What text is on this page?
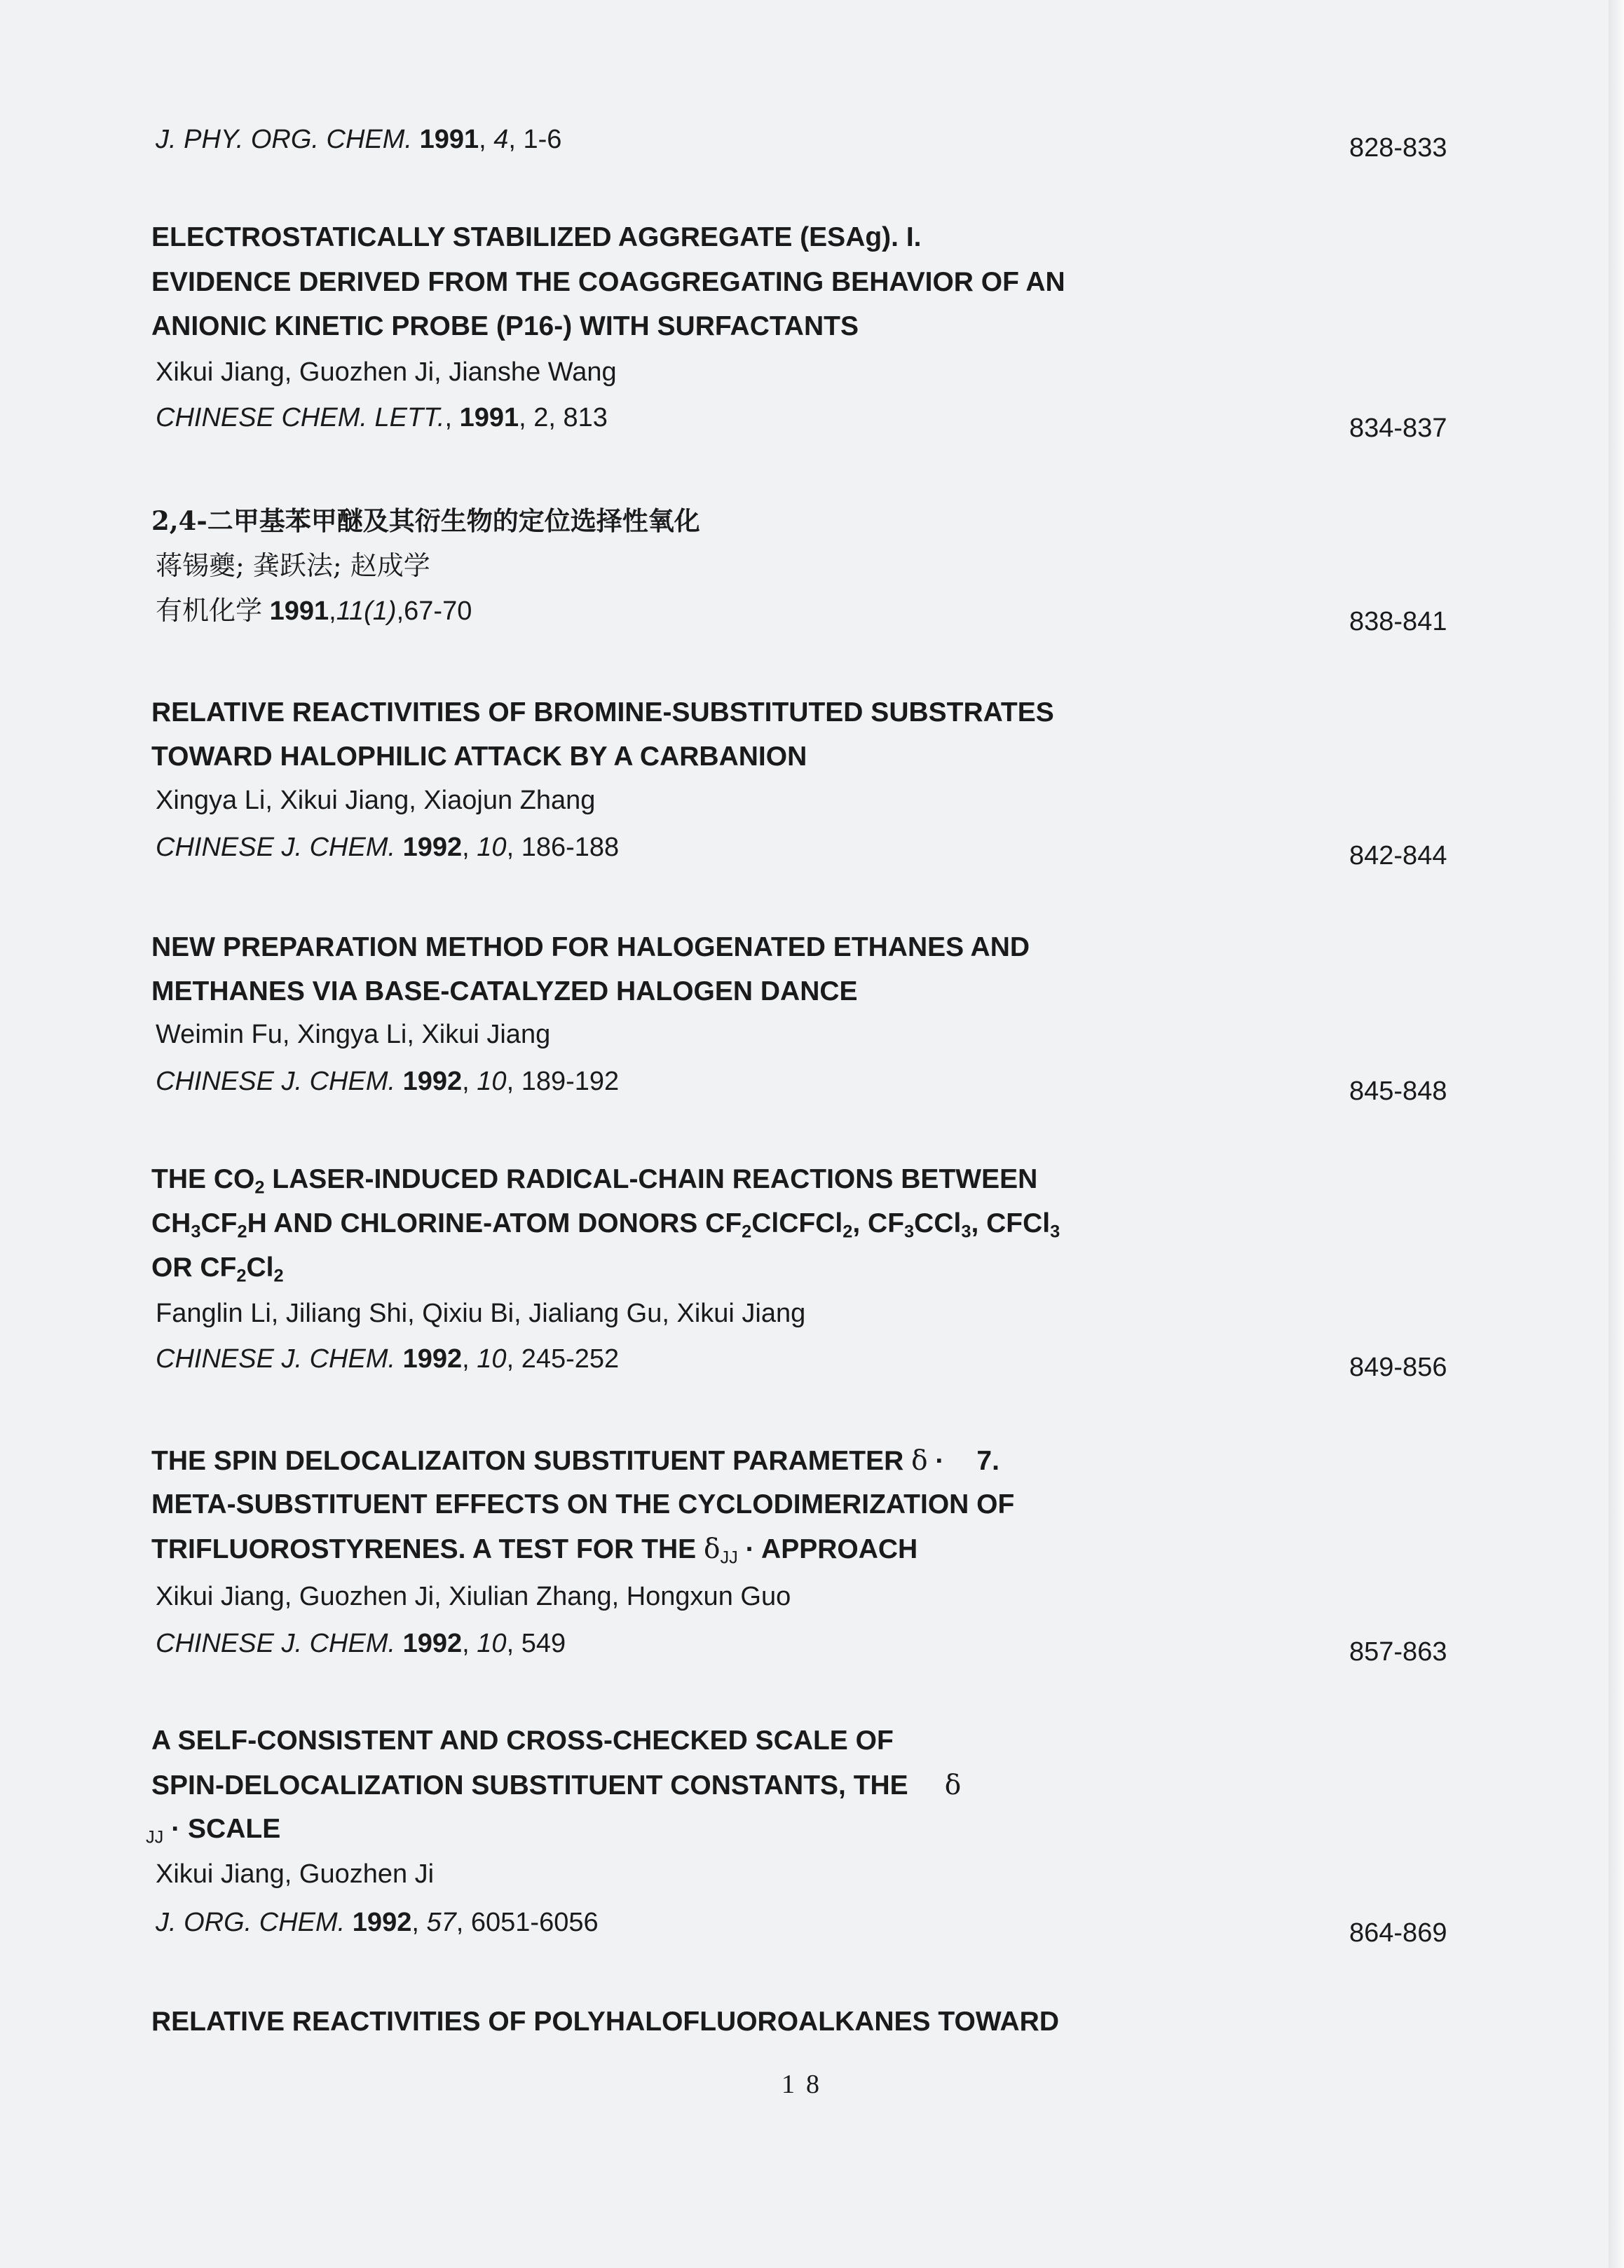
J. PHY. ORG. CHEM. 1991, 4, 1-6	828-833
ELECTROSTATICALLY STABILIZED AGGREGATE (ESAg). I.
EVIDENCE DERIVED FROM THE COAGGREGATING BEHAVIOR OF AN
ANIONIC KINETIC PROBE (P16-) WITH SURFACTANTS
Xikui Jiang, Guozhen Ji, Jianshe Wang
CHINESE CHEM. LETT., 1991, 2, 813	834-837
2,4-二甲基苯甲醚及其衍生物的定位选择性氧化
蒋锡夔; 龚跃法; 赵成学
有机化学 1991,11(1),67-70	838-841
RELATIVE REACTIVITIES OF BROMINE-SUBSTITUTED SUBSTRATES
TOWARD HALOPHILIC ATTACK BY A CARBANION
Xingya Li, Xikui Jiang, Xiaojun Zhang
CHINESE J. CHEM. 1992, 10, 186-188	842-844
NEW PREPARATION METHOD FOR HALOGENATED ETHANES AND
METHANES VIA BASE-CATALYZED HALOGEN DANCE
Weimin Fu, Xingya Li, Xikui Jiang
CHINESE J. CHEM. 1992, 10, 189-192	845-848
THE $CO_2$ LASER-INDUCED RADICAL-CHAIN REACTIONS BETWEEN
$CH_3CF_2H$ AND CHLORINE-ATOM DONORS $CF_2ClCFCl_2$, $CF_3CCl_3$, CFCl$_3$
OR $CF_2Cl_2$
Fanglin Li, Jiliang Shi, Qixiu Bi, Jialiang Gu, Xikui Jiang
CHINESE J. CHEM. 1992, 10, 245-252	849-856
THE SPIN DELOCALIZAITON SUBSTITUENT PARAMETER δ · 7.
META-SUBSTITUENT EFFECTS ON THE CYCLODIMERIZATION OF
TRIFLUOROSTYRENES. A TEST FOR THE $\delta_{JJ}$ · APPROACH
Xikui Jiang, Guozhen Ji, Xiulian Zhang, Hongxun Guo
CHINESE J. CHEM. 1992, 10, 549	857-863
A SELF-CONSISTENT AND CROSS-CHECKED SCALE OF
SPIN-DELOCALIZATION SUBSTITUENT CONSTANTS, THE δ
$_{JJ}$ · SCALE
Xikui Jiang, Guozhen Ji
J. ORG. CHEM. 1992, 57, 6051-6056	864-869
RELATIVE REACTIVITIES OF POLYHALOFLUOROALKANES TOWARD
18
